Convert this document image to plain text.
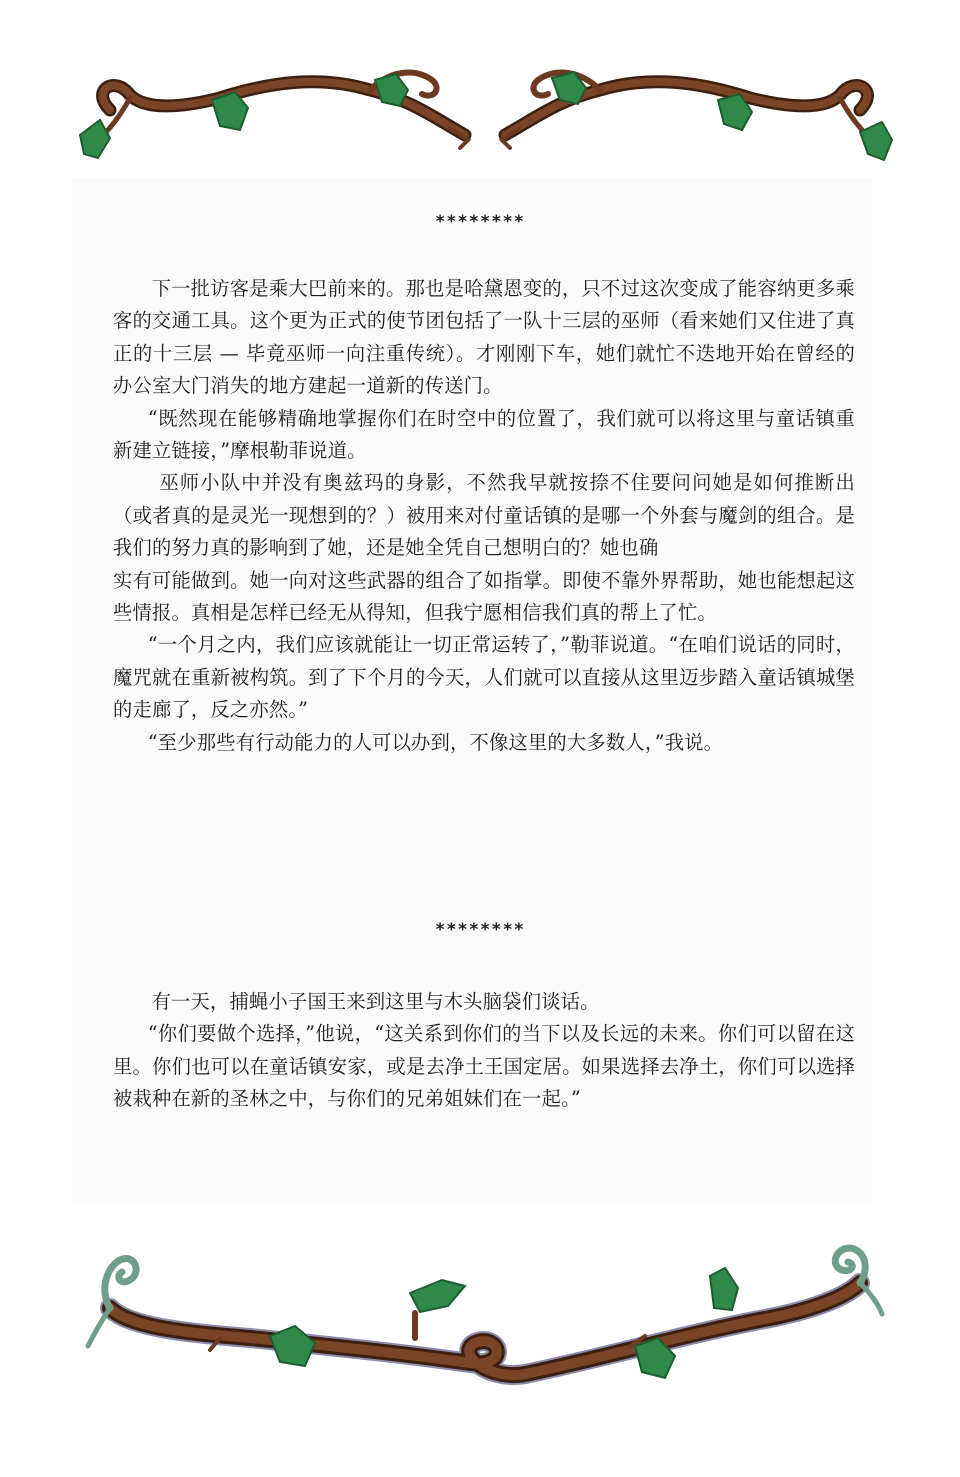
********

下一批访客是乘大巴前来的。那也是哈黛恩变的，只不过这次变成了能容纳更多乘客的交通工具。这个更为正式的使节团包括了一队十三层的巫师（看来她们又住进了真正的十三层 — 毕竟巫师一向注重传统）。才刚刚下车，她们就忙不迭地开始在曾经的办公室大门消失的地方建起一道新的传送门。

“既然现在能够精确地掌握你们在时空中的位置了，我们就可以将这里与童话镇重新建立链接，”摩根勒菲说道。

巫师小队中并没有奥兹玛的身影，不然我早就按捺不住要问问她是如何推断出（或者真的是灵光一现想到的？）被用来对付童话镇的是哪一个外套与魔剑的组合。是我们的努力真的影响到了她，还是她全凭自己想明白的？她也确

实有可能做到。她一向对这些武器的组合了如指掌。即使不靠外界帮助，她也能想起这些情报。真相是怎样已经无从得知，但我宁愿相信我们真的帮上了忙。

“一个月之内，我们应该就能让一切正常运转了，”勒菲说道。“在咱们说话的同时，魔咒就在重新被构筑。到了下个月的今天，人们就可以直接从这里迈步踏入童话镇城堡的走廊了，反之亦然。”

“至少那些有行动能力的人可以办到，不像这里的大多数人，”我说。

********

有一天，捕蝇小子国王来到这里与木头脑袋们谈话。

“你们要做个选择，”他说，“这关系到你们的当下以及长远的未来。你们可以留在这里。你们也可以在童话镇安家，或是去净土王国定居。如果选择去净土，你们可以选择被栽种在新的圣林之中，与你们的兄弟姐妹们在一起。”
